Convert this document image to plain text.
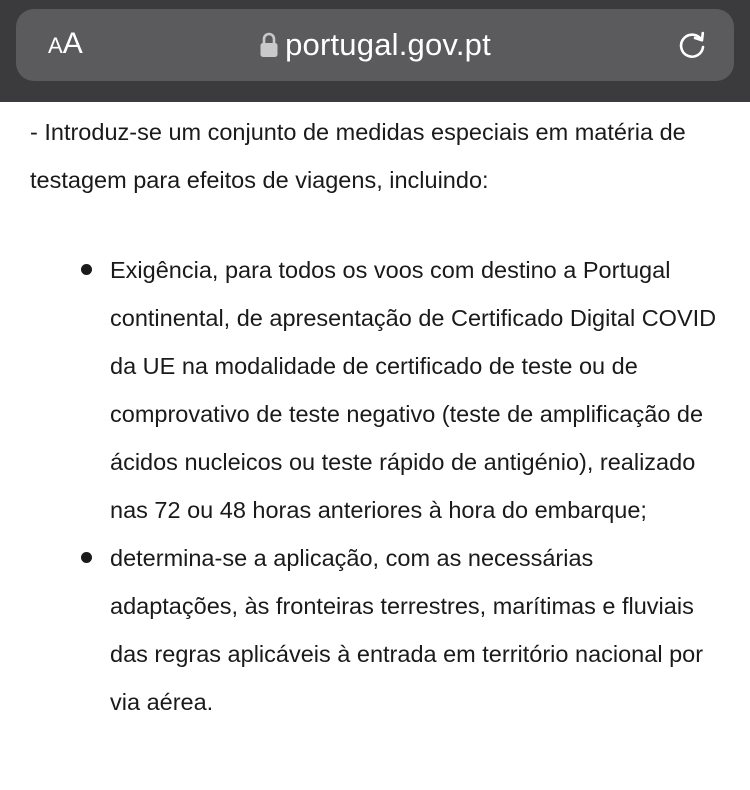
A A	portugal.gov.pt

- Introduz-se um conjunto de medidas especiais em matéria de testagem para efeitos de viagens, incluindo:

Exigência, para todos os voos com destino a Portugal continental, de apresentação de Certificado Digital COVID da UE na modalidade de certificado de teste ou de comprovativo de teste negativo (teste de amplificação de ácidos nucleicos ou teste rápido de antigénio), realizado nas 72 ou 48 horas anteriores à hora do embarque;
determina-se a aplicação, com as necessárias adaptações, às fronteiras terrestres, marítimas e fluviais das regras aplicáveis à entrada em território nacional por via aérea.
